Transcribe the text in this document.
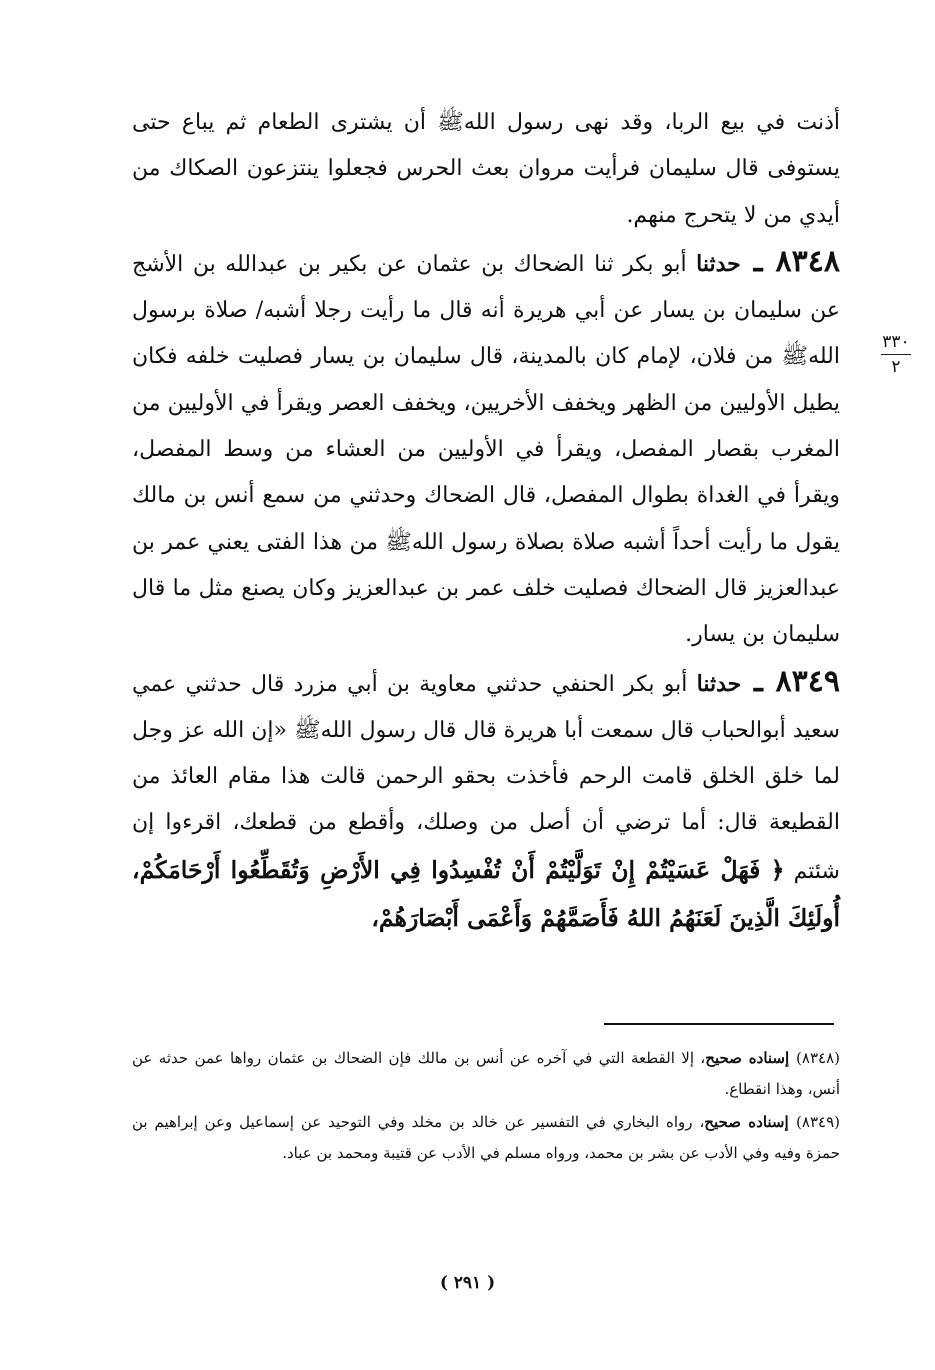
أذنت في بيع الربا، وقد نهى رسول اللهﷺ أن يشترى الطعام ثم يباع حتى يستوفى قال سليمان فرأيت مروان بعث الحرس فجعلوا ينتزعون الصكاك من أيدي من لا يتحرج منهم.

٨٣٤٨ ـ حدثنا أبو بكر ثنا الضحاك بن عثمان عن بكير بن عبدالله بن الأشج عن سليمان بن يسار عن أبي هريرة أنه قال ما رأيت رجلا أشبه/ صلاة برسول اللهﷺ من فلان، لإمام كان بالمدينة، قال سليمان بن يسار فصليت خلفه فكان يطيل الأوليين من الظهر ويخفف الأخريين، ويخفف العصر ويقرأ في الأوليين من المغرب بقصار المفصل، ويقرأ في الأوليين من العشاء من وسط المفصل، ويقرأ في الغداة بطوال المفصل، قال الضحاك وحدثني من سمع أنس بن مالك يقول ما رأيت أحداً أشبه صلاة بصلاة رسول اللهﷺ من هذا الفتى يعني عمر بن عبدالعزيز قال الضحاك فصليت خلف عمر بن عبدالعزيز وكان يصنع مثل ما قال سليمان بن يسار.

٨٣٤٩ ـ حدثنا أبو بكر الحنفي حدثني معاوية بن أبي مزرد قال حدثني عمي سعيد أبوالحباب قال سمعت أبا هريرة قال قال رسول اللهﷺ «إن الله عز وجل لما خلق الخلق قامت الرحم فأخذت بحقو الرحمن قالت هذا مقام العائذ من القطيعة قال: أما ترضي أن أصل من وصلك، وأقطع من قطعك، اقرءوا إن شئتم ﴿ فَهَلْ عَسَيْتُمْ إِنْ تَوَلَّيْتُمْ أَنْ تُفْسِدُوا فِي الأَرْضِ وَتُقَطِّعُوا أَرْحَامَكُمْ، أُولَئِكَ الَّذِينَ لَعَنَهُمُ اللهُ فَأَصَمَّهُمْ وَأَعْمَى أَبْصَارَهُمْ،

٣٣٠
٢

(٨٣٤٨) إسناده صحيح، إلا القطعة التي في آخره عن أنس بن مالك فإن الضحاك بن عثمان رواها عمن حدثه عن أنس، وهذا انقطاع.

(٨٣٤٩) إسناده صحيح، رواه البخاري في التفسير عن خالد بن مخلد وفي التوحيد عن إسماعيل وعن إبراهيم بن حمزة وفيه وفي الأدب عن بشر بن محمد، ورواه مسلم في الأدب عن قتيبة ومحمد بن عباد.

( ٢٩١ )
